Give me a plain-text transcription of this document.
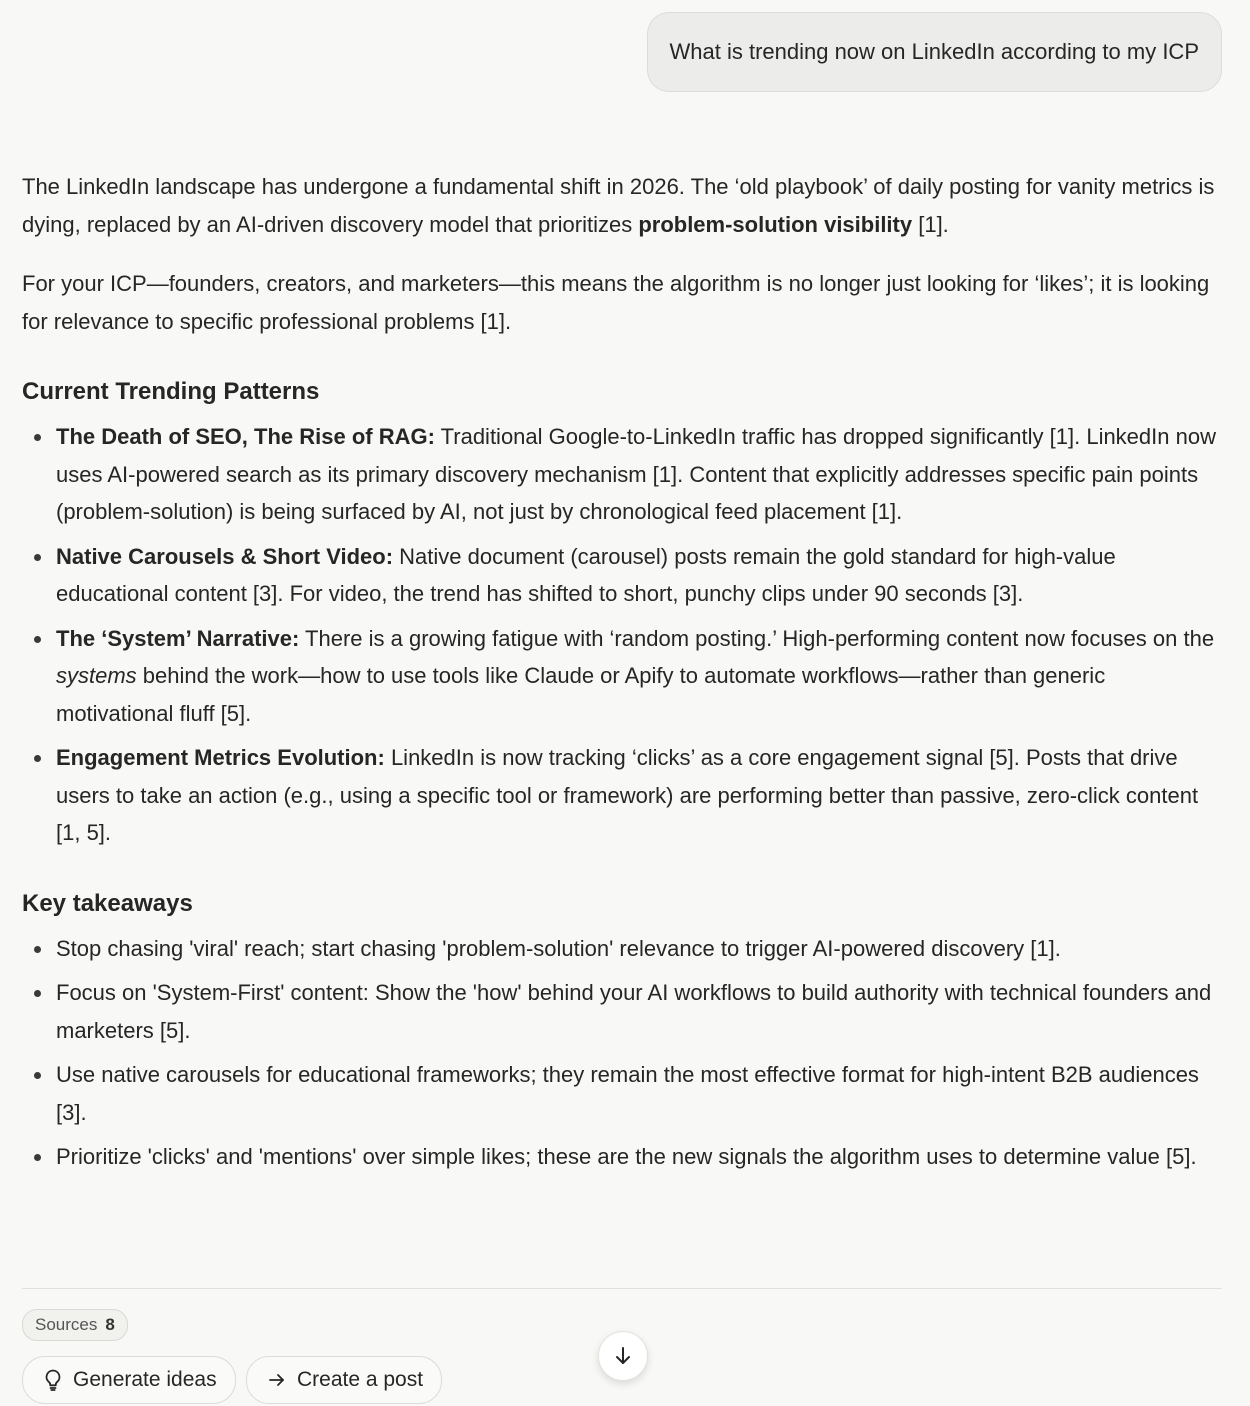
What is trending now on LinkedIn according to my ICP

The LinkedIn landscape has undergone a fundamental shift in 2026. The ‘old playbook’ of daily posting for vanity metrics is dying, replaced by an AI-driven discovery model that prioritizes problem-solution visibility [1].

For your ICP—founders, creators, and marketers—this means the algorithm is no longer just looking for ‘likes’; it is looking for relevance to specific professional problems [1].

Current Trending Patterns
The Death of SEO, The Rise of RAG: Traditional Google-to-LinkedIn traffic has dropped significantly [1]. LinkedIn now uses AI-powered search as its primary discovery mechanism [1]. Content that explicitly addresses specific pain points (problem-solution) is being surfaced by AI, not just by chronological feed placement [1].
Native Carousels & Short Video: Native document (carousel) posts remain the gold standard for high-value educational content [3]. For video, the trend has shifted to short, punchy clips under 90 seconds [3].
The ‘System’ Narrative: There is a growing fatigue with ‘random posting.’ High-performing content now focuses on the systems behind the work—how to use tools like Claude or Apify to automate workflows—rather than generic motivational fluff [5].
Engagement Metrics Evolution: LinkedIn is now tracking ‘clicks’ as a core engagement signal [5]. Posts that drive users to take an action (e.g., using a specific tool or framework) are performing better than passive, zero-click content [1, 5].
Key takeaways
Stop chasing 'viral' reach; start chasing 'problem-solution' relevance to trigger AI-powered discovery [1].
Focus on 'System-First' content: Show the 'how' behind your AI workflows to build authority with technical founders and marketers [5].
Use native carousels for educational frameworks; they remain the most effective format for high-intent B2B audiences [3].
Prioritize 'clicks' and 'mentions' over simple likes; these are the new signals the algorithm uses to determine value [5].
Sources 8
Generate ideas	Create a post
